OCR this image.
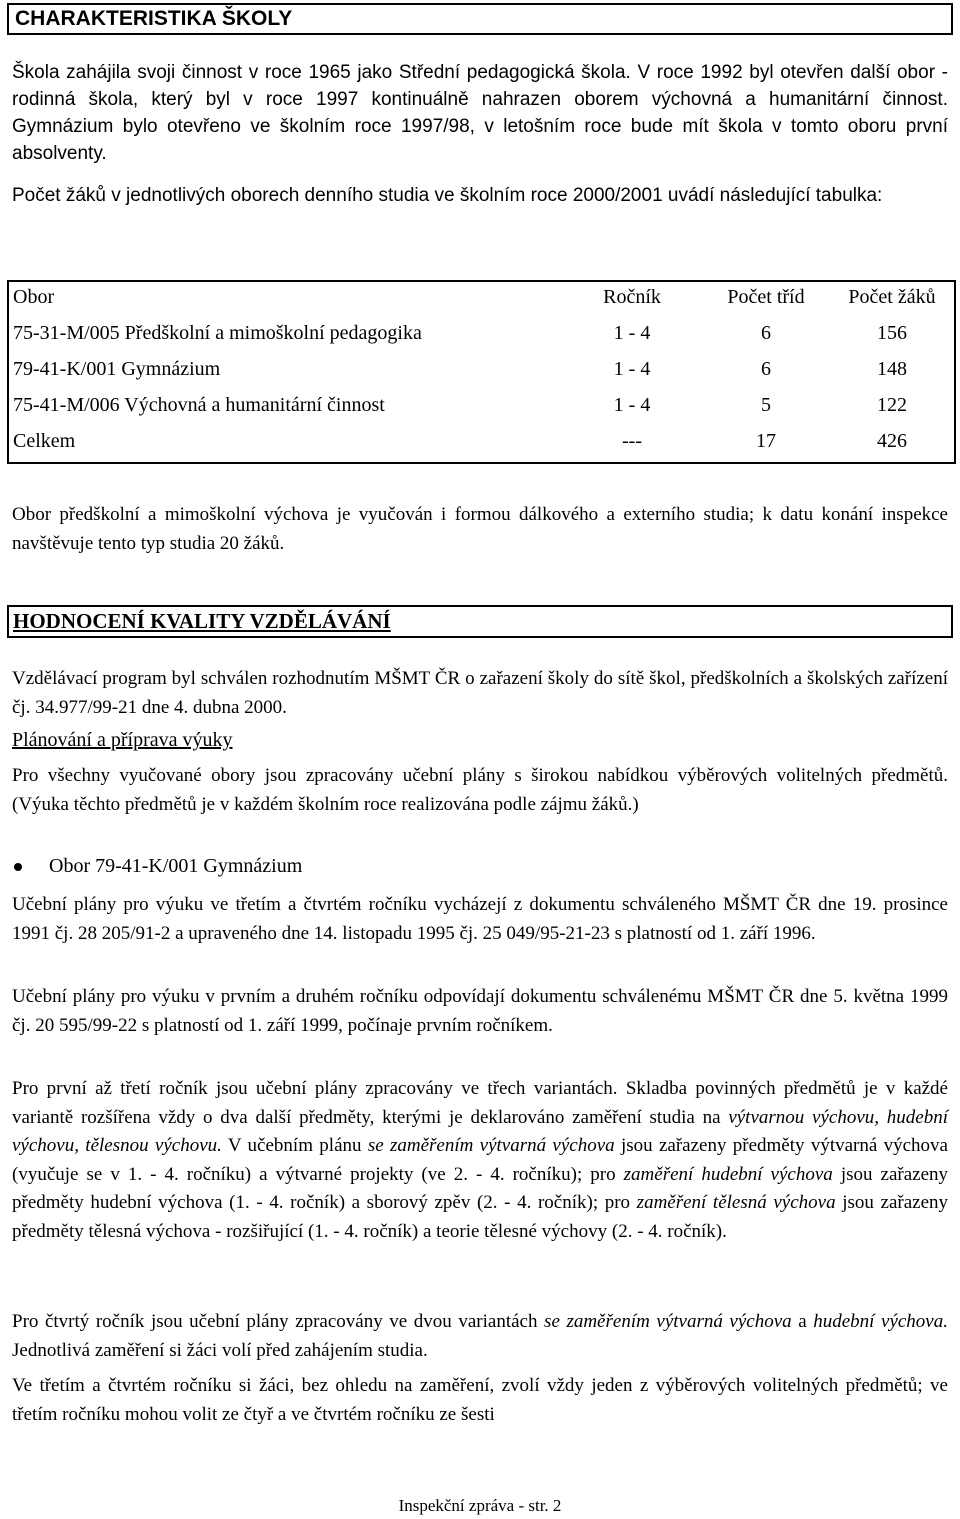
CHARAKTERISTIKA ŠKOLY
Škola zahájila svoji činnost v roce 1965 jako Střední pedagogická škola. V roce 1992 byl otevřen další obor - rodinná škola, který byl v roce 1997 kontinuálně nahrazen oborem výchovná a humanitární činnost. Gymnázium bylo otevřeno ve školním roce 1997/98, v letošním roce bude mít škola v tomto oboru první absolventy.
Počet žáků v jednotlivých oborech denního studia ve školním roce 2000/2001 uvádí následující tabulka:
Obor	Ročník	Počet tříd	Počet žáků
75-31-M/005 Předškolní a mimoškolní pedagogika	1 - 4	6	156
79-41-K/001 Gymnázium	1 - 4	6	148
75-41-M/006 Výchovná a humanitární činnost	1 - 4	5	122
Celkem	---	17	426
Obor předškolní a mimoškolní výchova je vyučován i formou dálkového a externího studia; k datu konání inspekce navštěvuje tento typ studia 20 žáků.
HODNOCENÍ KVALITY VZDĚLÁVÁNÍ
Vzdělávací program byl schválen rozhodnutím MŠMT ČR o zařazení školy do sítě škol, předškolních a školských zařízení čj. 34.977/99-21 dne 4. dubna 2000.
Plánování a příprava výuky
Pro všechny vyučované obory jsou zpracovány učební plány s širokou nabídkou výběrových volitelných předmětů. (Výuka těchto předmětů je v každém školním roce realizována podle zájmu žáků.)
Obor 79-41-K/001 Gymnázium
Učební plány pro výuku ve třetím a čtvrtém ročníku vycházejí z dokumentu schváleného MŠMT ČR dne 19. prosince 1991 čj. 28 205/91-2 a upraveného dne 14. listopadu 1995 čj. 25 049/95-21-23 s platností od 1. září 1996.
Učební plány pro výuku v prvním a druhém ročníku odpovídají dokumentu schválenému MŠMT ČR dne 5. května 1999 čj. 20 595/99-22 s platností od 1. září 1999, počínaje prvním ročníkem.
Pro první až třetí ročník jsou učební plány zpracovány ve třech variantách. Skladba povinných předmětů je v každé variantě rozšířena vždy o dva další předměty, kterými je deklarováno zaměření studia na výtvarnou výchovu, hudební výchovu, tělesnou výchovu. V učebním plánu se zaměřením výtvarná výchova jsou zařazeny předměty výtvarná výchova (vyučuje se v 1. - 4. ročníku) a výtvarné projekty (ve 2. - 4. ročníku); pro zaměření hudební výchova jsou zařazeny předměty hudební výchova (1. - 4. ročník) a sborový zpěv (2. - 4. ročník); pro zaměření tělesná výchova jsou zařazeny předměty tělesná výchova - rozšiřující (1. - 4. ročník) a teorie tělesné výchovy (2. - 4. ročník).
Pro čtvrtý ročník jsou učební plány zpracovány ve dvou variantách se zaměřením výtvarná výchova a hudební výchova. Jednotlivá zaměření si žáci volí před zahájením studia.
Ve třetím a čtvrtém ročníku si žáci, bez ohledu na zaměření, zvolí vždy jeden z výběrových volitelných předmětů; ve třetím ročníku mohou volit ze čtyř a ve čtvrtém ročníku ze šesti
Inspekční zpráva - str. 2
